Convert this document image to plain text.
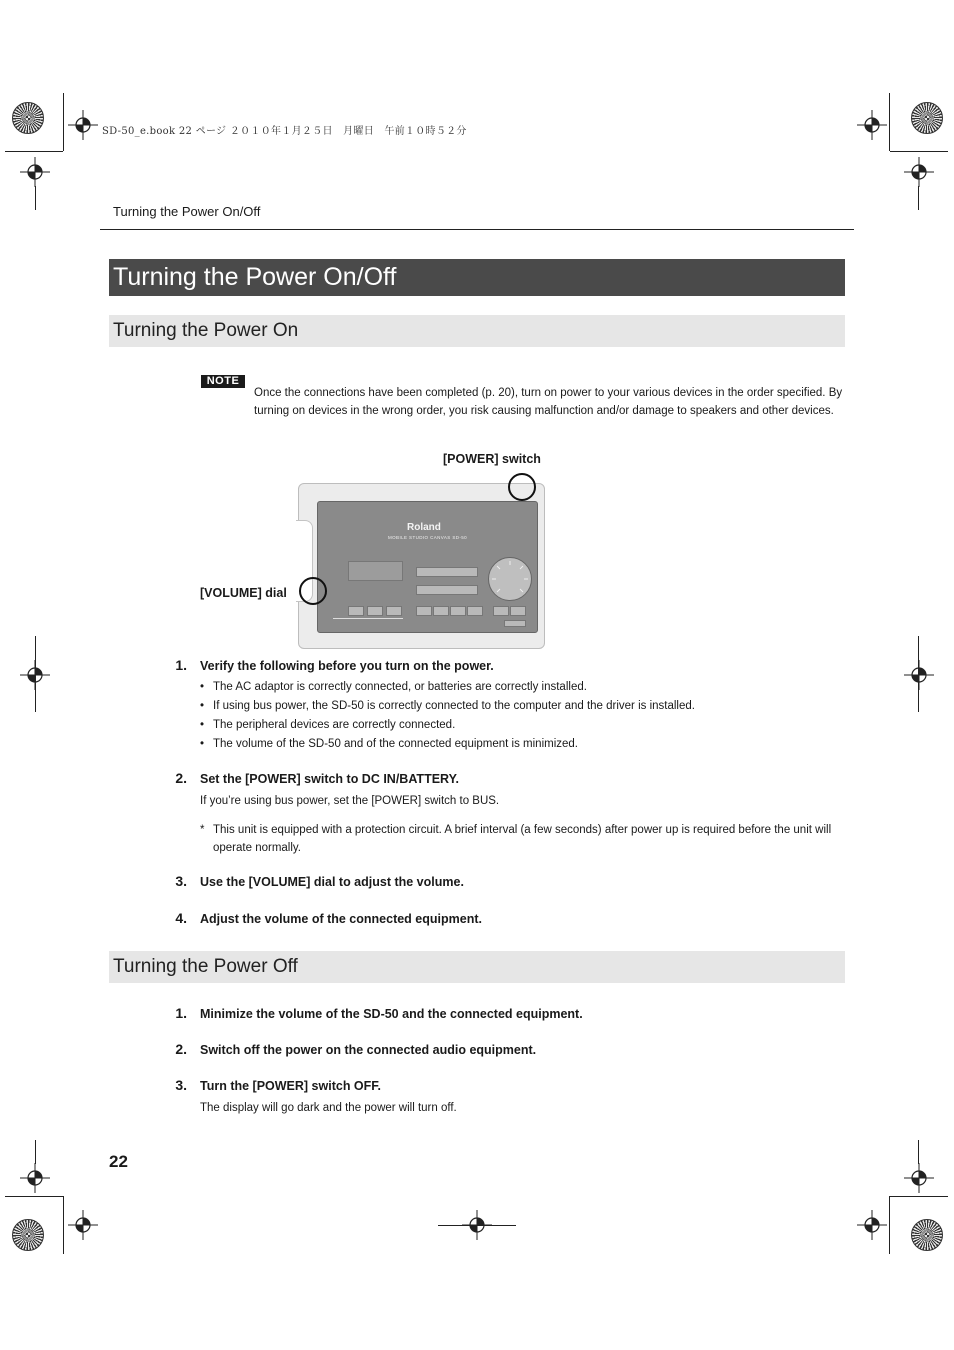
SD-50_e.book 22 ページ ２０１０年１月２５日　月曜日　午前１０時５２分
Turning the Power On/Off
Turning the Power On/Off
Turning the Power On
NOTE
Once the connections have been completed (p. 20), turn on power to your various devices in the order specified. By turning on devices in the wrong order, you risk causing malfunction and/or damage to speakers and other devices.
[POWER] switch
[VOLUME] dial
Roland
MOBILE STUDIO CANVAS SD-50
1. Verify the following before you turn on the power.
• The AC adaptor is correctly connected, or batteries are correctly installed.
• If using bus power, the SD-50 is correctly connected to the computer and the driver is installed.
• The peripheral devices are correctly connected.
• The volume of the SD-50 and of the connected equipment is minimized.
2. Set the [POWER] switch to DC IN/BATTERY.
If you’re using bus power, set the [POWER] switch to BUS.
* This unit is equipped with a protection circuit. A brief interval (a few seconds) after power up is required before the unit will operate normally.
3. Use the [VOLUME] dial to adjust the volume.
4. Adjust the volume of the connected equipment.
Turning the Power Off
1. Minimize the volume of the SD-50 and the connected equipment.
2. Switch off the power on the connected audio equipment.
3. Turn the [POWER] switch OFF.
The display will go dark and the power will turn off.
22
